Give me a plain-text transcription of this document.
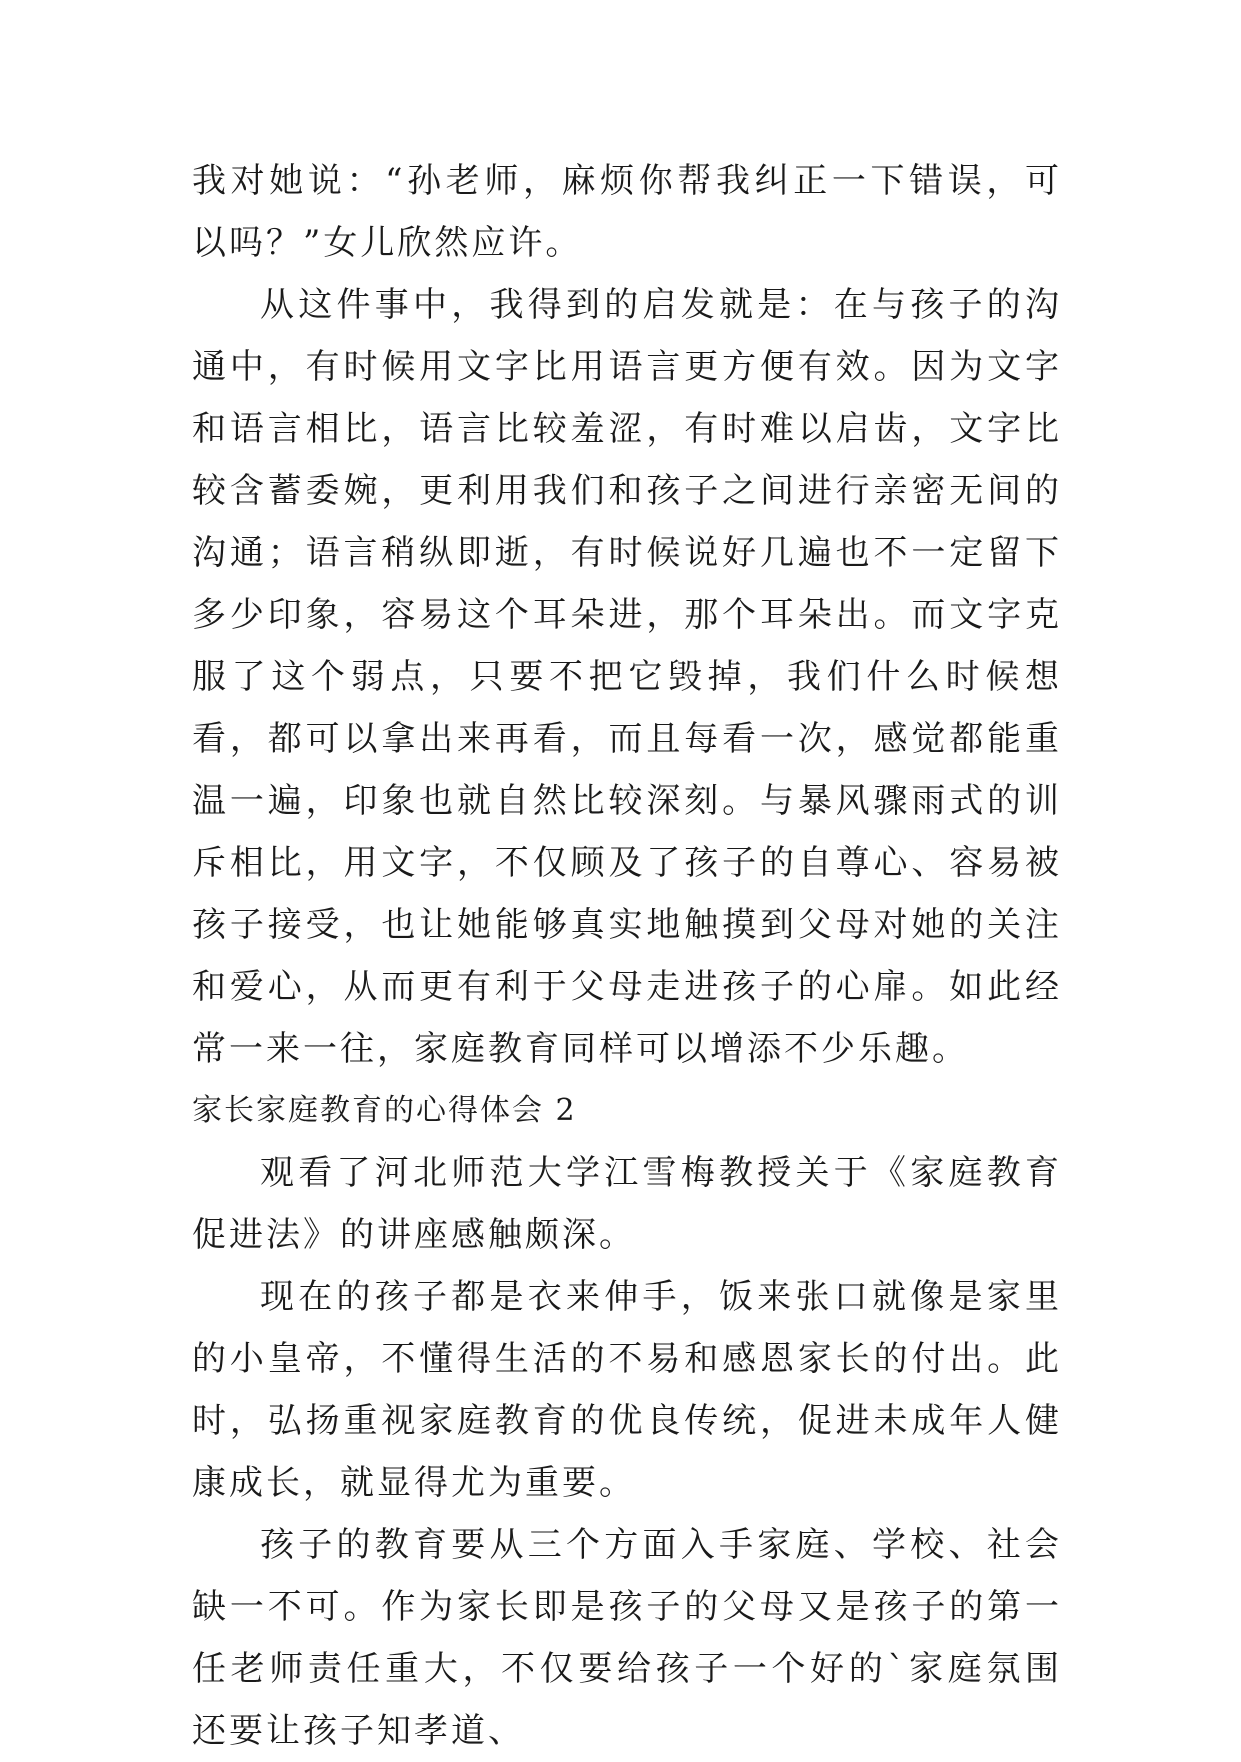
我对她说：“孙老师，麻烦你帮我纠正一下错误，可以吗？”女儿欣然应许。

从这件事中，我得到的启发就是：在与孩子的沟通中，有时候用文字比用语言更方便有效。因为文字和语言相比，语言比较羞涩，有时难以启齿，文字比较含蓄委婉，更利用我们和孩子之间进行亲密无间的沟通；语言稍纵即逝，有时候说好几遍也不一定留下多少印象，容易这个耳朵进，那个耳朵出。而文字克服了这个弱点，只要不把它毁掉，我们什么时候想看，都可以拿出来再看，而且每看一次，感觉都能重温一遍，印象也就自然比较深刻。与暴风骤雨式的训斥相比，用文字，不仅顾及了孩子的自尊心、容易被孩子接受，也让她能够真实地触摸到父母对她的关注和爱心，从而更有利于父母走进孩子的心扉。如此经常一来一往，家庭教育同样可以增添不少乐趣。

家长家庭教育的心得体会 2

观看了河北师范大学江雪梅教授关于《家庭教育促进法》的讲座感触颇深。

现在的孩子都是衣来伸手，饭来张口就像是家里的小皇帝，不懂得生活的不易和感恩家长的付出。此时，弘扬重视家庭教育的优良传统，促进未成年人健康成长，就显得尤为重要。

孩子的教育要从三个方面入手家庭、学校、社会缺一不可。作为家长即是孩子的父母又是孩子的第一任老师责任重大，不仅要给孩子一个好的`家庭氛围还要让孩子知孝道、
